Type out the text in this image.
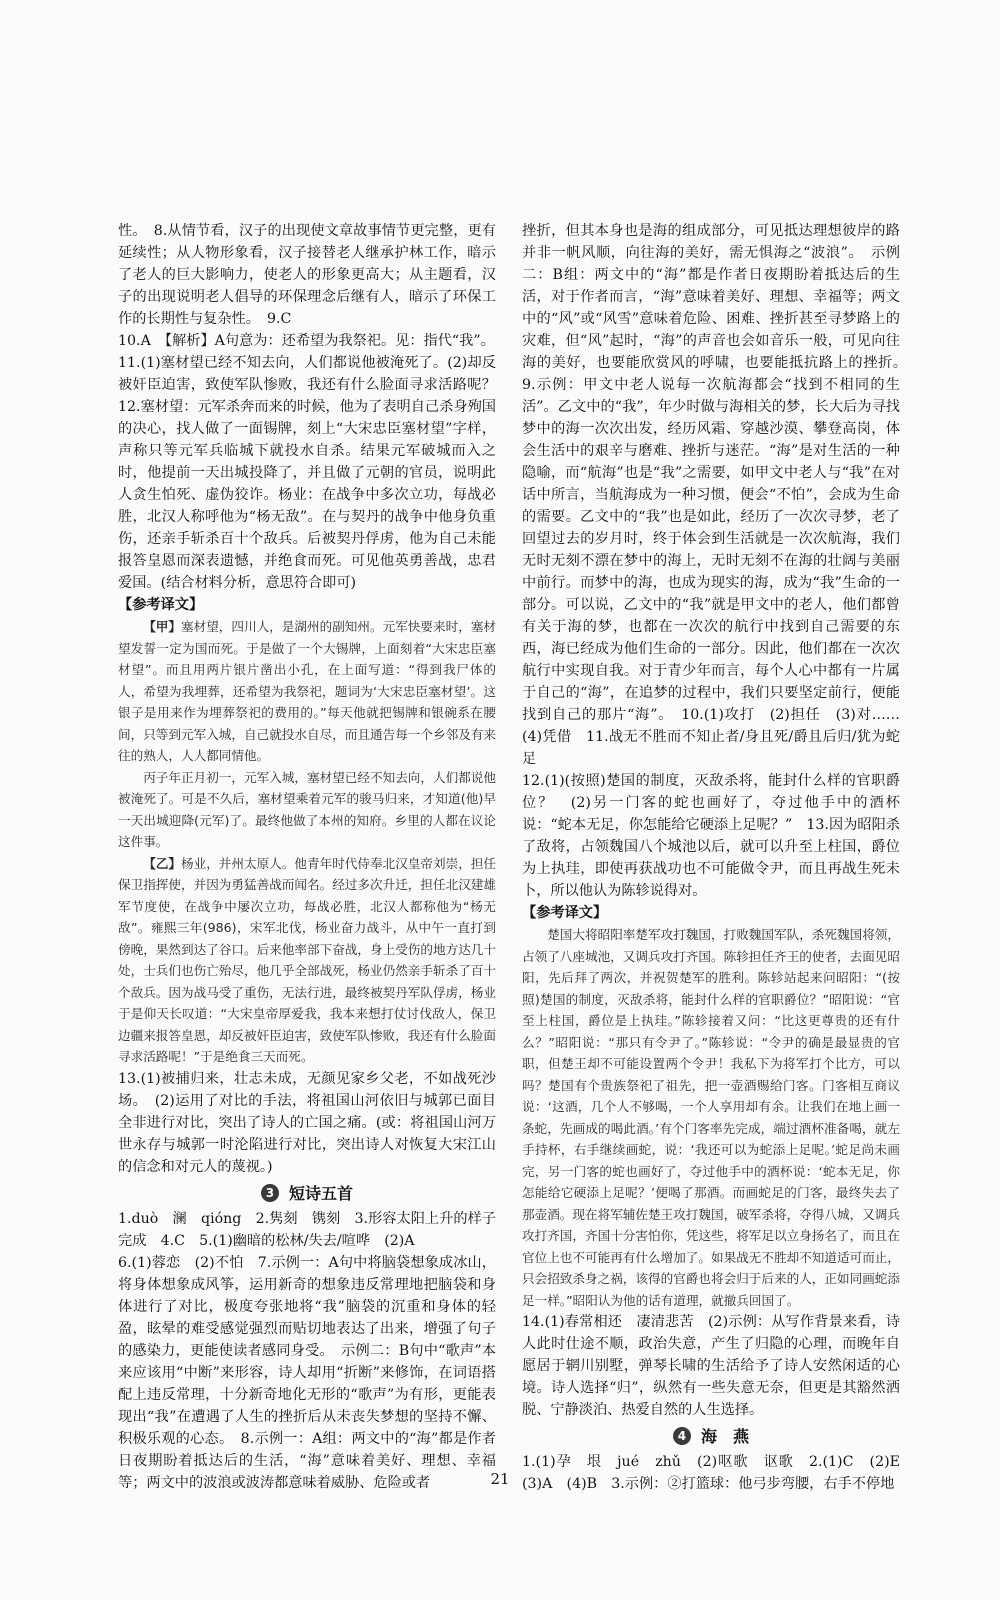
性。　8.从情节看，汉子的出现使文章故事情节更完整，更有延续性；从人物形象看，汉子接替老人继承护林工作，暗示了老人的巨大影响力，使老人的形象更高大；从主题看，汉子的出现说明老人倡导的环保理念后继有人，暗示了环保工作的长期性与复杂性。　9.C

10.A　【解析】A句意为：还希望为我祭祀。见：指代“我”。

11.(1)塞材望已经不知去向，人们都说他被淹死了。(2)却反被奸臣迫害，致使军队惨败，我还有什么脸面寻求活路呢？　12.塞材望：元军杀奔而来的时候，他为了表明自己杀身殉国的决心，找人做了一面锡牌，刻上“大宋忠臣塞材望”字样，声称只等元军兵临城下就投水自杀。结果元军破城而入之时，他提前一天出城投降了，并且做了元朝的官员，说明此人贪生怕死、虚伪狡诈。杨业：在战争中多次立功，每战必胜，北汉人称呼他为“杨无敌”。在与契丹的战争中他身负重伤，还亲手斩杀百十个敌兵。后被契丹俘虏，他为自己未能报答皇恩而深表遗憾，并绝食而死。可见他英勇善战，忠君爱国。(结合材料分析，意思符合即可)

【参考译文】

【甲】塞材望，四川人，是湖州的副知州。元军快要来时，塞材望发誓一定为国而死。于是做了一个大锡牌，上面刻着“大宋忠臣塞材望”。而且用两片银片凿出小孔，在上面写道：“得到我尸体的人，希望为我埋葬，还希望为我祭祀，题词为‘大宋忠臣塞材望’。这银子是用来作为埋葬祭祀的费用的。”每天他就把锡牌和银碗系在腰间，只等到元军入城，自己就投水自尽，而且通告每一个乡邻及有来往的熟人，人人都同情他。

丙子年正月初一，元军入城，塞材望已经不知去向，人们都说他被淹死了。可是不久后，塞材望乘着元军的骏马归来，才知道(他)早一天出城迎降(元军)了。最终他做了本州的知府。乡里的人都在议论这件事。

【乙】杨业，并州太原人。他青年时代侍奉北汉皇帝刘崇，担任保卫指挥使，并因为勇猛善战而闻名。经过多次升迁，担任北汉建雄军节度使，在战争中屡次立功，每战必胜，北汉人都称他为“杨无敌”。雍熙三年(986)，宋军北伐，杨业奋力战斗，从中午一直打到傍晚，果然到达了谷口。后来他率部下奋战，身上受伤的地方达几十处，士兵们也伤亡殆尽，他几乎全部战死，杨业仍然亲手斩杀了百十个敌兵。因为战马受了重伤，无法行进，最终被契丹军队俘虏，杨业于是仰天长叹道：“大宋皇帝厚爱我，我本来想打仗讨伐敌人，保卫边疆来报答皇恩，却反被奸臣迫害，致使军队惨败，我还有什么脸面寻求活路呢！”于是绝食三天而死。

13.(1)被捕归来，壮志未成，无颜见家乡父老，不如战死沙场。　(2)运用了对比的手法，将祖国山河依旧与城郭已面目全非进行对比，突出了诗人的亡国之痛。(或：将祖国山河万世永存与城郭一时沦陷进行对比，突出诗人对恢复大宋江山的信念和对元人的蔑视。)

3 短诗五首

1.duò　澜　qióng　2.隽刻　镌刻　3.形容太阳上升的样子　完成　4.C　5.(1)幽暗的松林/失去/喧哗　(2)A

6.(1)蓉恋　(2)不怕　7.示例一：A句中将脑袋想象成冰山，将身体想象成风筝，运用新奇的想象违反常理地把脑袋和身体进行了对比，极度夸张地将“我”脑袋的沉重和身体的轻盈，眩晕的难受感觉强烈而贴切地表达了出来，增强了句子的感染力，更能使读者感同身受。　示例二：B句中“歌声”本来应该用“中断”来形容，诗人却用“折断”来修饰，在词语搭配上违反常理，十分新奇地化无形的“歌声”为有形，更能表现出“我”在遭遇了人生的挫折后从未丧失梦想的坚持不懈、积极乐观的心态。　8.示例一：A组：两文中的“海”都是作者日夜期盼着抵达后的生活，“海”意味着美好、理想、幸福等；两文中的波浪或波涛都意味着威胁、危险或者

挫折，但其本身也是海的组成部分，可见抵达理想彼岸的路并非一帆风顺，向往海的美好，需无惧海之“波浪”。　示例二：B组：两文中的“海”都是作者日夜期盼着抵达后的生活，对于作者而言，“海”意味着美好、理想、幸福等；两文中的“风”或“风雪”意味着危险、困难、挫折甚至寻梦路上的灾难，但“风”起时，“海”的声音也会如音乐一般，可见向往海的美好，也要能欣赏风的呼啸，也要能抵抗路上的挫折。　9.示例：甲文中老人说每一次航海都会“找到不相同的生活”。乙文中的“我”，年少时做与海相关的梦，长大后为寻找梦中的海一次次出发，经历风霜、穿越沙漠、攀登高岗，体会生活中的艰辛与磨难、挫折与迷茫。“海”是对生活的一种隐喻，而“航海”也是“我”之需要，如甲文中老人与“我”在对话中所言，当航海成为一种习惯，便会“不怕”，会成为生命的需要。乙文中的“我”也是如此，经历了一次次寻梦，老了回望过去的岁月时，终于体会到生活就是一次次航海，我们无时无刻不漂在梦中的海上，无时无刻不在海的壮阔与美丽中前行。而梦中的海，也成为现实的海，成为“我”生命的一部分。可以说，乙文中的“我”就是甲文中的老人，他们都曾有关于海的梦，也都在一次次的航行中找到自己需要的东西，海已经成为他们生命的一部分。因此，他们都在一次次航行中实现自我。对于青少年而言，每个人心中都有一片属于自己的“海”，在追梦的过程中，我们只要坚定前行，便能找到自己的那片“海”。　10.(1)攻打　(2)担任　(3)对……　(4)凭借　11.战无不胜而不知止者/身且死/爵且后归/犹为蛇足

12.(1)(按照)楚国的制度，灭敌杀将，能封什么样的官职爵位？　(2)另一门客的蛇也画好了，夺过他手中的酒杯说：“蛇本无足，你怎能给它硬添上足呢？”　13.因为昭阳杀了敌将，占领魏国八个城池以后，就可以升至上柱国，爵位为上执珪，即使再获战功也不可能做令尹，而且再战生死未卜，所以他认为陈轸说得对。

【参考译文】

楚国大将昭阳率楚军攻打魏国，打败魏国军队，杀死魏国将领，占领了八座城池，又调兵攻打齐国。陈轸担任齐王的使者，去面见昭阳，先后拜了两次，并祝贺楚军的胜利。陈轸站起来问昭阳：“(按照)楚国的制度，灭敌杀将，能封什么样的官职爵位？”昭阳说：“官至上柱国，爵位是上执珪。”陈轸接着又问：“比这更尊贵的还有什么？”昭阳说：“那只有令尹了。”陈轸说：“令尹的确是最显贵的官职，但楚王却不可能设置两个令尹！我私下为将军打个比方，可以吗？楚国有个贵族祭祀了祖先，把一壶酒赐给门客。门客相互商议说：‘这酒，几个人不够喝，一个人享用却有余。让我们在地上画一条蛇，先画成的喝此酒。’有个门客率先完成，端过酒杯准备喝，就左手持杯，右手继续画蛇，说：‘我还可以为蛇添上足呢。’蛇足尚未画完，另一门客的蛇也画好了，夺过他手中的酒杯说：‘蛇本无足，你怎能给它硬添上足呢？’便喝了那酒。而画蛇足的门客，最终失去了那壶酒。现在将军辅佐楚王攻打魏国，破军杀将，夺得八城，又调兵攻打齐国，齐国十分害怕你，凭这些，将军足以立身扬名了，而且在官位上也不可能再有什么增加了。如果战无不胜却不知道适可而止，只会招致杀身之祸，该得的官爵也将会归于后来的人，正如同画蛇添足一样。”昭阳认为他的话有道理，就撤兵回国了。

14.(1)春常相还　凄清悲苦　(2)示例：从写作背景来看，诗人此时仕途不顺，政治失意，产生了归隐的心理，而晚年自愿居于辋川别墅，弹琴长啸的生活给予了诗人安然闲适的心境。诗人选择“归”，纵然有一些失意无奈，但更是其豁然洒脱、宁静淡泊、热爱自然的人生选择。

4 海　燕

1.(1)孕　垠　jué　zhǔ　(2)呕歌　讴歌　2.(1)C　(2)E　(3)A　(4)B　3.示例：②打篮球：他弓步弯腰，右手不停地

21
